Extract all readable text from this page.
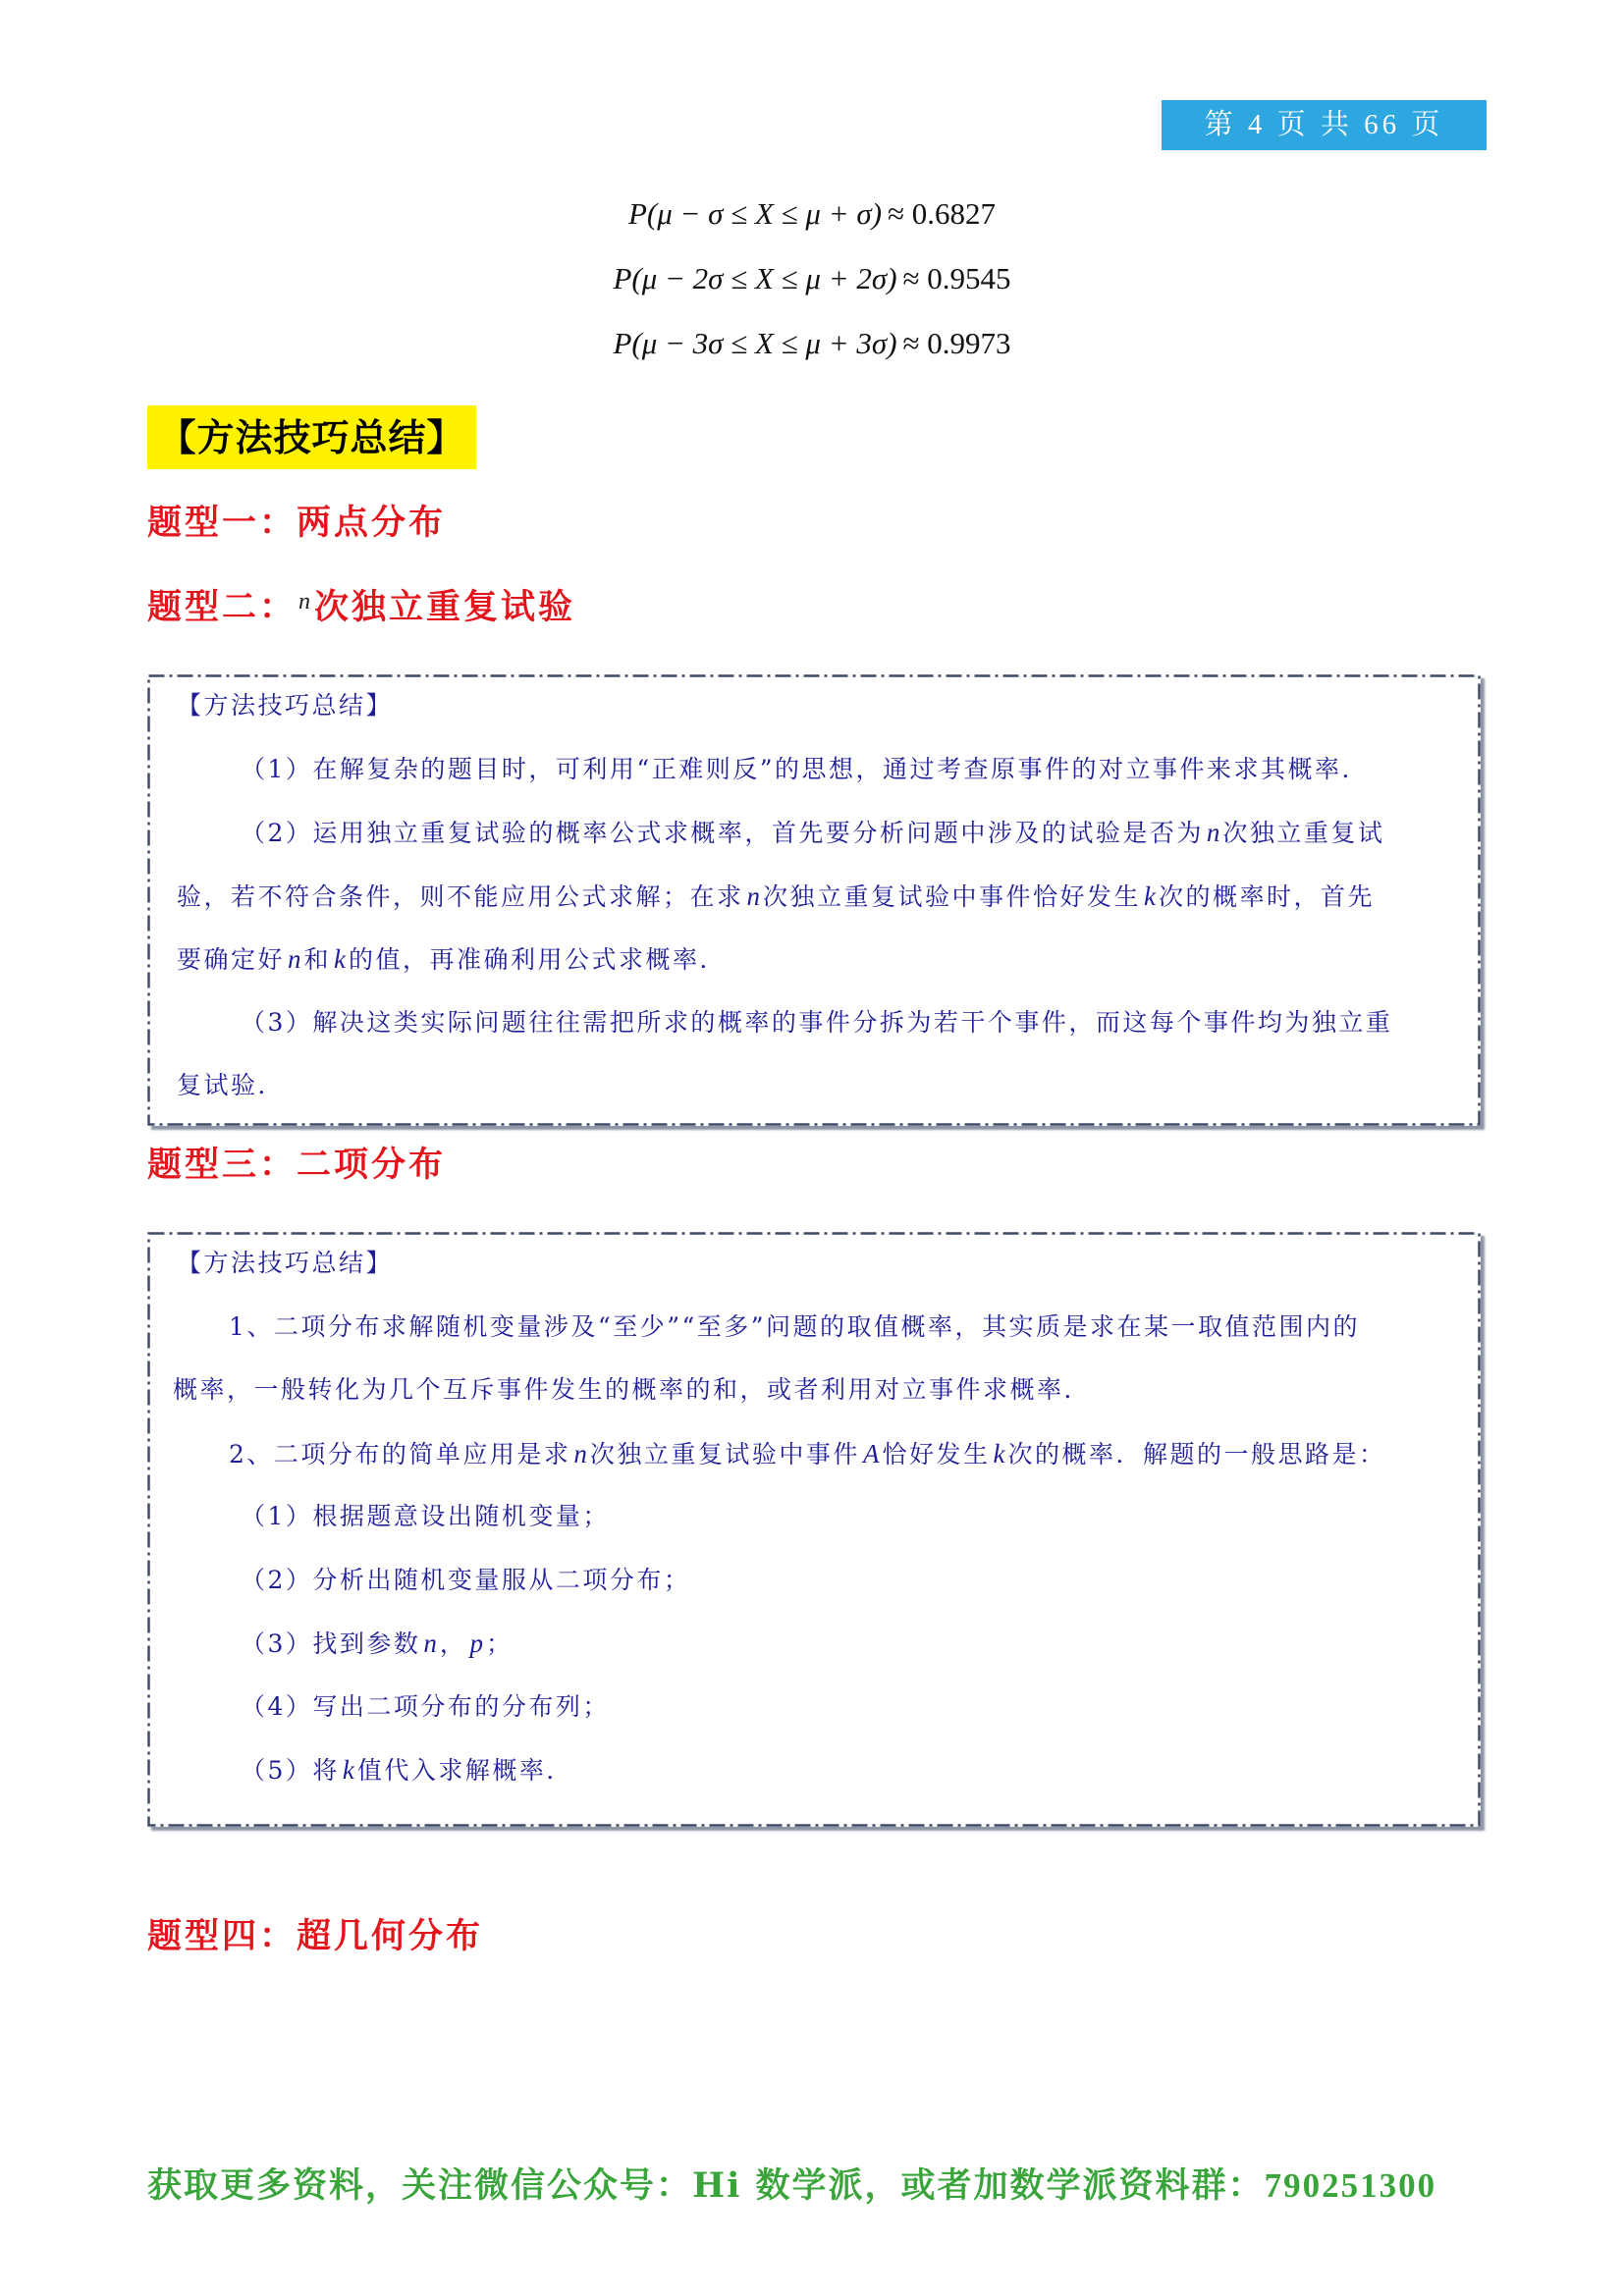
第 4 页 共 66 页
P(μ − σ ≤ X ≤ μ + σ) ≈ 0.6827
P(μ − 2σ ≤ X ≤ μ + 2σ) ≈ 0.9545
P(μ − 3σ ≤ X ≤ μ + 3σ) ≈ 0.9973
【方法技巧总结】
题型一：两点分布
题型二：$^n$ 次独立重复试验
【方法技巧总结】
（1）在解复杂的题目时，可利用“正难则反”的思想，通过考查原事件的对立事件来求其概率．
（2）运用独立重复试验的概率公式求概率，首先要分析问题中涉及的试验是否为 n 次独立重复试
验，若不符合条件，则不能应用公式求解；在求 n 次独立重复试验中事件恰好发生 k 次的概率时，首先
要确定好 n 和 k 的值，再准确利用公式求概率．
（3）解决这类实际问题往往需把所求的概率的事件分拆为若干个事件，而这每个事件均为独立重
复试验．
题型三：二项分布
【方法技巧总结】
1、二项分布求解随机变量涉及“至少”“至多”问题的取值概率，其实质是求在某一取值范围内的
概率，一般转化为几个互斥事件发生的概率的和，或者利用对立事件求概率．
2、二项分布的简单应用是求 n 次独立重复试验中事件 A 恰好发生 k 次的概率．解题的一般思路是：
（1）根据题意设出随机变量；
（2）分析出随机变量服从二项分布；
（3）找到参数 n ， p ；
（4）写出二项分布的分布列；
（5）将 k 值代入求解概率．
题型四：超几何分布
获取更多资料，关注微信公众号：Hi 数学派，或者加数学派资料群：790251300
